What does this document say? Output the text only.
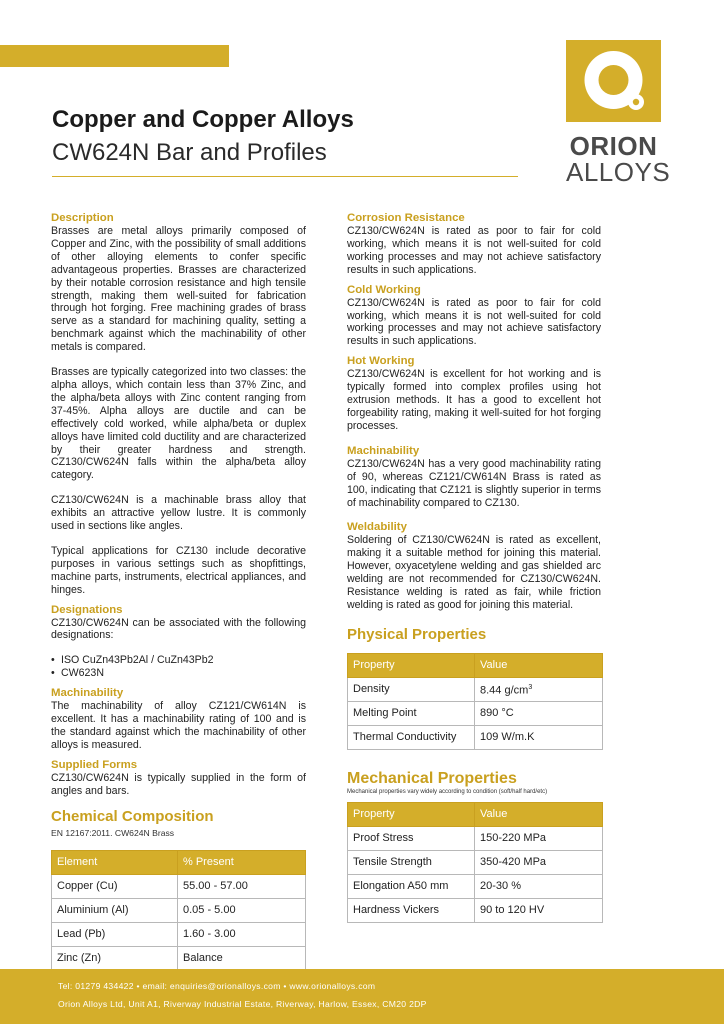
Copper and Copper Alloys
CW624N Bar and Profiles	ORION
ALLOYS
Description

Brasses are metal alloys primarily composed of Copper and Zinc, with the possibility of small additions of other alloying elements to confer specific advantageous properties. Brasses are characterized by their notable corrosion resistance and high tensile strength, making them well-suited for fabrication through hot forging. Free machining grades of brass serve as a standard for machining quality, setting a benchmark against which the machinability of other metals is compared.

Brasses are typically categorized into two classes: the alpha alloys, which contain less than 37% Zinc, and the alpha/beta alloys with Zinc content ranging from 37-45%. Alpha alloys are ductile and can be effectively cold worked, while alpha/beta or duplex alloys have limited cold ductility and are characterized by their greater hardness and strength. CZ130/CW624N falls within the alpha/beta alloy category.

CZ130/CW624N is a machinable brass alloy that exhibits an attractive yellow lustre. It is commonly used in sections like angles.

Typical applications for CZ130 include decorative purposes in various settings such as shopfittings, machine parts, instruments, electrical appliances, and hinges.

Designations

CZ130/CW624N can be associated with the following designations:

• ISO CuZn43Pb2Al / CuZn43Pb2
• CW623N
Machinability

The machinability of alloy CZ121/CW614N is excellent. It has a machinability rating of 100 and is the standard against which the machinability of other alloys is measured.

Supplied Forms

CZ130/CW624N is typically supplied in the form of angles and bars.

Chemical Composition
EN 12167:2011. CW624N Brass
Element	% Present
Copper (Cu)	55.00 - 57.00
Aluminium (Al)	0.05 - 5.00
Lead (Pb)	1.60 - 3.00
Zinc (Zn)	Balance
Corrosion Resistance

CZ130/CW624N is rated as poor to fair for cold working, which means it is not well-suited for cold working processes and may not achieve satisfactory results in such applications.

Cold Working

CZ130/CW624N is rated as poor to fair for cold working, which means it is not well-suited for cold working processes and may not achieve satisfactory results in such applications.

Hot Working

CZ130/CW624N is excellent for hot working and is typically formed into complex profiles using hot extrusion methods. It has a good to excellent hot forgeability rating, making it well-suited for hot forging processes.

Machinability

CZ130/CW624N has a very good machinability rating of 90, whereas CZ121/CW614N Brass is rated as 100, indicating that CZ121 is slightly superior in terms of machinability compared to CZ130.

Weldability

Soldering of CZ130/CW624N is rated as excellent, making it a suitable method for joining this material. However, oxyacetylene welding and gas shielded arc welding are not recommended for CZ130/CW624N. Resistance welding is rated as fair, while friction welding is rated as good for joining this material.

Physical Properties
Property	Value
Density	8.44 $g/cm^3$
Melting Point	890 °C
Thermal Conductivity	109 W/m.K
Mechanical Properties
Mechanical properties vary widely according to condition (soft/half hard/etc)
Property	Value
Proof Stress	150-220 MPa
Tensile Strength	350-420 MPa
Elongation A50 mm	20-30 %
Hardness Vickers	90 to 120 HV
Tel: 01279 434422 • email: enquiries@orionalloys.com • www.orionalloys.com
Orion Alloys Ltd, Unit A1, Riverway Industrial Estate, Riverway, Harlow, Essex, CM20 2DP
